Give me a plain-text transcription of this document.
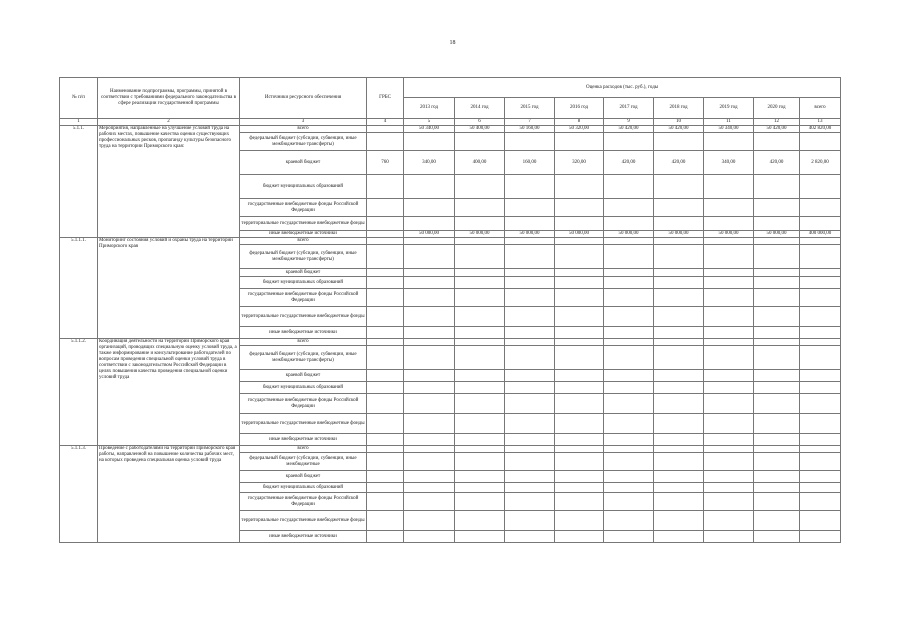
18
№ п/п	Наименование подпрограммы, программы, принятой в соответствии с требованиями федерального законодательства в сфере реализации государственной программы	Источники ресурсного обеспечения	ГРБС	Оценка расходов (тыс. руб.), годы								
				2013 год	2014 год	2015 год	2016 год	2017 год	2018 год	2019 год	2020 год	всего
1	2	3	4	5	6	7	8	9	10	11	12	13
5.1.1.	Мероприятия, направленные на улучшение условий труда на рабочих местах, повышение качества оценки существующих профессиональных рисков, пропаганду культуры безопасного труда на территории Приморского края:	всего		50 340,00	50 400,00	50 160,00	50 320,00	50 420,00	50 420,00	50 340,00	50 420,00	402 820,00
		федеральный бюджет (субсидии, субвенции, иные межбюджетные трансферты)										
		краевой бюджет	760	340,00	400,00	160,00	320,00	420,00	420,00	340,00	420,00	2 820,00
		бюджет муниципальных образований										
		государственные внебюджетные фонды Российской Федерации										
		территориальные государственные внебюджетные фонды										
		иные внебюджетные источники		50 000,00	50 000,00	50 000,00	50 000,00	50 000,00	50 000,00	50 000,00	50 000,00	400 000,00
5.1.1.1.	Мониторинг состояния условий и охраны труда на территории Приморского края	всего										
		федеральный бюджет (субсидии, субвенции, иные межбюджетные трансферты)										
		краевой бюджет										
		бюджет муниципальных образований										
		государственные внебюджетные фонды Российской Федерации										
		территориальные государственные внебюджетные фонды										
		иные внебюджетные источники										
5.1.1.2.	Координация деятельности на территории Приморского края организаций, проводящих специальную оценку условий труда, а также информирование и консультирование работодателей по вопросам проведения специальной оценки условий труда в соответствии с законодательством Российской Федерации в целях повышения качества проведения специальной оценки условий труда	всего										
		федеральный бюджет (субсидии, субвенции, иные межбюджетные трансферты)										
		краевой бюджет										
		бюджет муниципальных образований										
		государственные внебюджетные фонды Российской Федерации										
		территориальные государственные внебюджетные фонды										
		иные внебюджетные источники										
5.1.1.3.	Проведение с работодателями на территории Приморского края работы, направленной на повышение количества рабочих мест, на которых проведена специальная оценка условий труда	всего										
		федеральный бюджет (субсидии, субвенции, иные межбюджетные										
		краевой бюджет										
		бюджет муниципальных образований										
		государственные внебюджетные фонды Российской Федерации										
		территориальные государственные внебюджетные фонды										
		иные внебюджетные источники										
